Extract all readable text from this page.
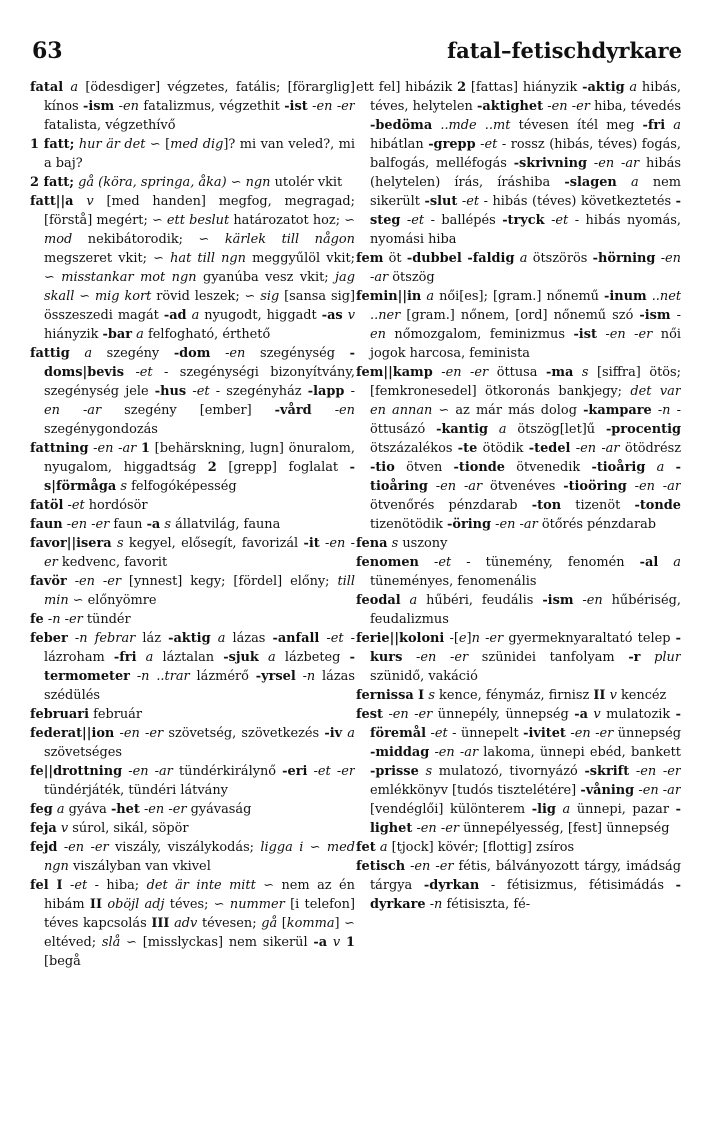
63	fatal–fetischdyrkare

fatal a [ödesdiger] végzetes, fatális; [förarglig] kínos -ism -en fatalizmus, végzethit -ist -en -er fatalista, végzethívő

1 fatt; hur är det ∽ [med dig]? mi van veled?, mi a baj?

2 fatt; gå (köra, springa, åka) ∽ ngn utolér vkit

fatt||a v [med handen] megfog, megragad; [förstå] megért; ∽ ett beslut határozatot hoz; ∽ mod nekibátorodik; ∽ kärlek till någon megszeret vkit; ∽ hat till ngn meggyűlöl vkit; ∽ misstankar mot ngn gyanúba vesz vkit; jag skall ∽ mig kort rövid leszek; ∽ sig [sansa sig] összeszedi magát -ad a nyugodt, higgadt -as v hiányzik -bar a felfogható, érthető

fattig a szegény -dom -en szegénység -doms|bevis -et - szegénységi bizonyítvány, szegénység jele -hus -et - szegényház -lapp -en -ar szegény [ember] -vård -en szegénygondozás

fattning -en -ar 1 [behärskning, lugn] önuralom, nyugalom, higgadtság 2 [grepp] foglalat -s|förmåga s felfogóképesség

fatöl -et hordósör

faun -en -er faun -a s állatvilág, fauna

favor||isera s kegyel, elősegít, favorizál -it -en -er kedvenc, favorit

favör -en -er [ynnest] kegy; [fördel] előny; till min ∽ előnyömre

fe -n -er tündér

feber -n febrar láz -aktig a lázas -anfall -et - lázroham -fri a láztalan -sjuk a lázbeteg -termometer -n ..trar lázmérő -yrsel -n lázas szédülés

februari február

federat||ion -en -er szövetség, szövetkezés -iv a szövetséges

fe||drottning -en -ar tündérkirálynő -eri -et -er tündérjáték, tündéri látvány

feg a gyáva -het -en -er gyávaság

feja v súrol, sikál, söpör

fejd -en -er viszály, viszálykodás; ligga i ∽ med ngn viszályban van vkivel

fel I -et - hiba; det är inte mitt ∽ nem az én hibám II oböjl adj téves; ∽ nummer [i telefon] téves kapcsolás III adv tévesen; gå [komma] ∽ eltéved; slå ∽ [misslyckas] nem sikerül -a v 1 [begå

ett fel] hibázik 2 [fattas] hiányzik -aktig a hibás, téves, helytelen -aktighet -en -er hiba, tévedés -bedöma ..mde ..mt tévesen ítél meg -fri a hibátlan -grepp -et - rossz (hibás, téves) fogás, balfogás, melléfogás -skrivning -en -ar hibás (helytelen) írás, íráshiba -slagen a nem sikerült -slut -et - hibás (téves) következtetés -steg -et - ballépés -tryck -et - hibás nyomás, nyomási hiba

fem öt -dubbel -faldig a ötszörös -hörning -en -ar ötszög

femin||in a női[es]; [gram.] nőnemű -inum ..net ..ner [gram.] nőnem, [ord] nőnemű szó -ism -en nőmozgalom, feminizmus -ist -en -er női jogok harcosa, feminista

fem||kamp -en -er öttusa -ma s [siffra] ötös; [femkronesedel] ötkoronás bankjegy; det var en annan ∽ az már más dolog -kampare -n - öttusázó -kantig a ötszög[let]ű -procentig ötszázalékos -te ötödik -tedel -en -ar ötödrész -tio ötven -tionde ötvenedik -tioårig a -tioåring -en -ar ötvenéves -tioöring -en -ar ötvenőrés pénzdarab -ton tizenöt -tonde tizenötödik -öring -en -ar ötőrés pénzdarab

fena s uszony

fenomen -et - tünemény, fenomén -al a tüneményes, fenomenális

feodal a hűbéri, feudális -ism -en hűbériség, feudalizmus

ferie||koloni -[e]n -er gyermeknyaraltató telep -kurs -en -er szünidei tanfolyam -r plur szünidő, vakáció

fernissa I s kence, fénymáz, firnisz II v kencéz

fest -en -er ünnepély, ünnepség -a v mulatozik -föremål -et - ünnepelt -ivitet -en -er ünnepség -middag -en -ar lakoma, ünnepi ebéd, bankett -prisse s mulatozó, tivornyázó -skrift -en -er emlékkönyv [tudós tisztelétére] -våning -en -ar [vendéglői] különterem -lig a ünnepi, pazar -lighet -en -er ünnepélyesség, [fest] ünnepség

fet a [tjock] kövér; [flottig] zsíros

fetisch -en -er fétis, bálványozott tárgy, imádság tárgya -dyrkan - fétisizmus, fétisimádás -dyrkare -n fétisiszta, fé-
